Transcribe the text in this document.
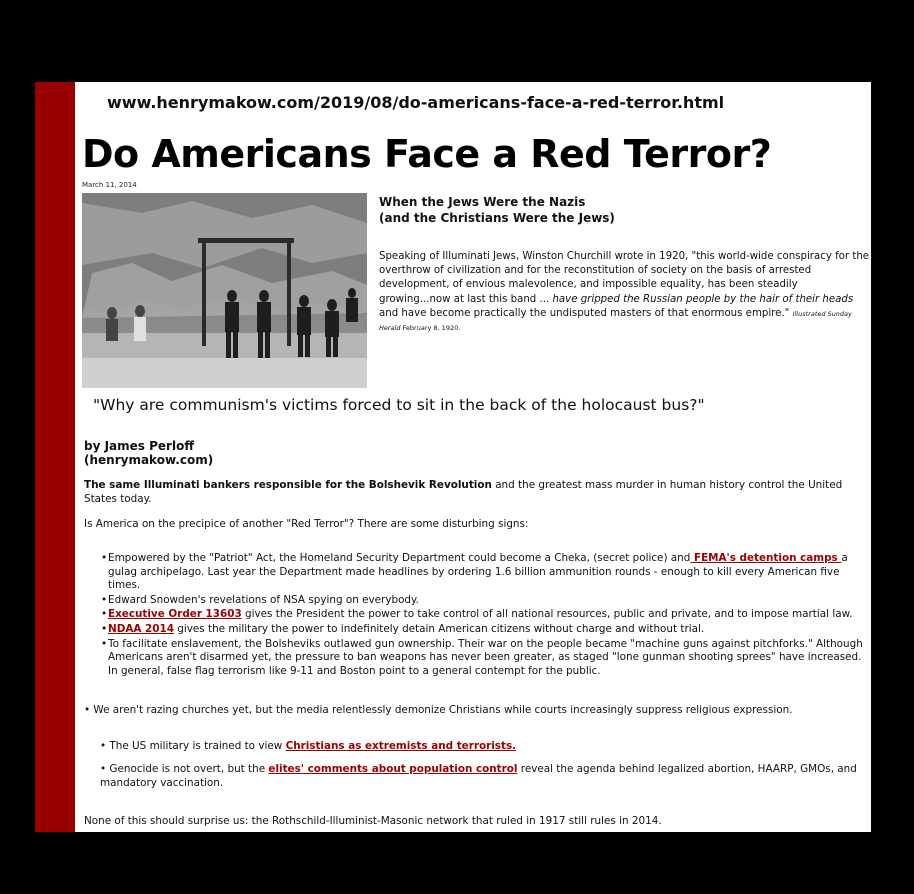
www.henrymakow.com/2019/08/do-americans-face-a-red-terror.html
Do Americans Face a Red Terror?
March 11, 2014
When the Jews Were the Nazis
(and the Christians Were the Jews)
Speaking of Illuminati Jews, Winston Churchill wrote in 1920, "this world-wide conspiracy for the overthrow of civilization and for the reconstitution of society on the basis of arrested development, of envious malevolence, and impossible equality, has been steadily growing...now at last this band ... have gripped the Russian people by the hair of their heads and have become practically the undisputed masters of that enormous empire." Illustrated Sunday Herald February 8, 1920.
"Why are communism's victims forced to sit in the back of the holocaust bus?"
by James Perloff
(henrymakow.com)
The same Illuminati bankers responsible for the Bolshevik Revolution and the greatest mass murder in human history control the United States today.
Is America on the precipice of another "Red Terror"? There are some disturbing signs:
• Empowered by the "Patriot" Act, the Homeland Security Department could become a Cheka, (secret police) and FEMA's detention camps a gulag archipelago. Last year the Department made headlines by ordering 1.6 billion ammunition rounds - enough to kill every American five times.
• Edward Snowden's revelations of NSA spying on everybody.
• Executive Order 13603 gives the President the power to take control of all national resources, public and private, and to impose martial law.
• NDAA 2014 gives the military the power to indefinitely detain American citizens without charge and without trial.
• To facilitate enslavement, the Bolsheviks outlawed gun ownership. Their war on the people became "machine guns against pitchforks." Although Americans aren't disarmed yet, the pressure to ban weapons has never been greater, as staged "lone gunman shooting sprees" have increased. In general, false flag terrorism like 9-11 and Boston point to a general contempt for the public.
• We aren't razing churches yet, but the media relentlessly demonize Christians while courts increasingly suppress religious expression.
• The US military is trained to view Christians as extremists and terrorists.
• Genocide is not overt, but the elites' comments about population control reveal the agenda behind legalized abortion, HAARP, GMOs, and mandatory vaccination.
None of this should surprise us: the Rothschild-Illuminist-Masonic network that ruled in 1917 still rules in 2014.
